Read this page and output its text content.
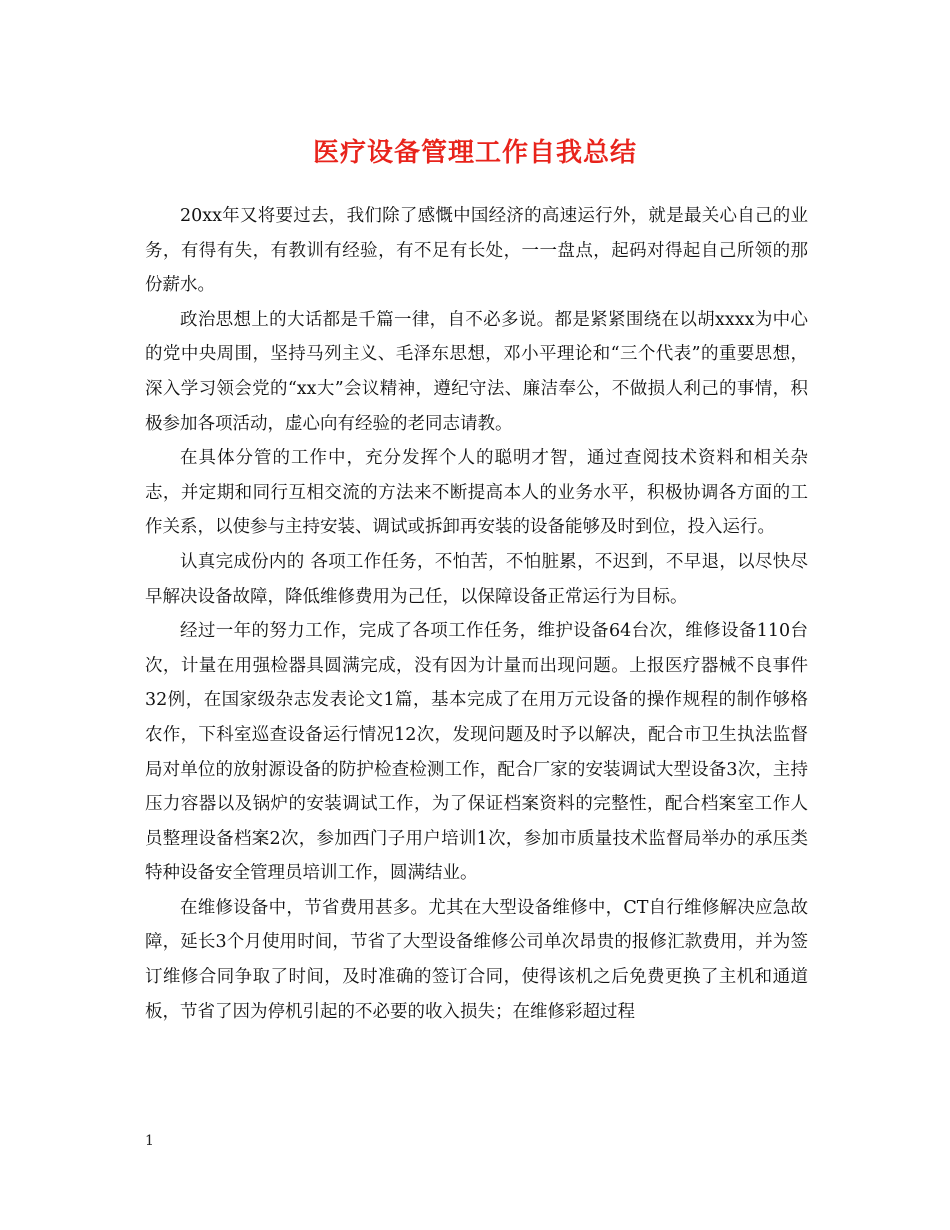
医疗设备管理工作自我总结

20xx年又将要过去，我们除了感慨中国经济的高速运行外，就是最关心自己的业务，有得有失，有教训有经验，有不足有长处，一一盘点，起码对得起自己所领的那份薪水。

政治思想上的大话都是千篇一律，自不必多说。都是紧紧围绕在以胡xxxx为中心的党中央周围，坚持马列主义、毛泽东思想，邓小平理论和“三个代表”的重要思想，深入学习领会党的“xx大”会议精神，遵纪守法、廉洁奉公，不做损人利己的事情，积极参加各项活动，虚心向有经验的老同志请教。

在具体分管的工作中，充分发挥个人的聪明才智，通过查阅技术资料和相关杂志，并定期和同行互相交流的方法来不断提高本人的业务水平，积极协调各方面的工作关系，以使参与主持安装、调试或拆卸再安装的设备能够及时到位，投入运行。

认真完成份内的 各项工作任务，不怕苦，不怕脏累，不迟到，不早退，以尽快尽早解决设备故障，降低维修费用为己任，以保障设备正常运行为目标。

经过一年的努力工作，完成了各项工作任务，维护设备64台次，维修设备110台次，计量在用强检器具圆满完成，没有因为计量而出现问题。上报医疗器械不良事件32例，在国家级杂志发表论文1篇，基本完成了在用万元设备的操作规程的制作够格农作，下科室巡查设备运行情况12次，发现问题及时予以解决，配合市卫生执法监督局对单位的放射源设备的防护检查检测工作，配合厂家的安装调试大型设备3次，主持压力容器以及锅炉的安装调试工作，为了保证档案资料的完整性，配合档案室工作人员整理设备档案2次，参加西门子用户培训1次，参加市质量技术监督局举办的承压类特种设备安全管理员培训工作，圆满结业。

在维修设备中，节省费用甚多。尤其在大型设备维修中，CT自行维修解决应急故障，延长3个月使用时间，节省了大型设备维修公司单次昂贵的报修汇款费用，并为签订维修合同争取了时间，及时准确的签订合同，使得该机之后免费更换了主机和通道板，节省了因为停机引起的不必要的收入损失；在维修彩超过程

1
